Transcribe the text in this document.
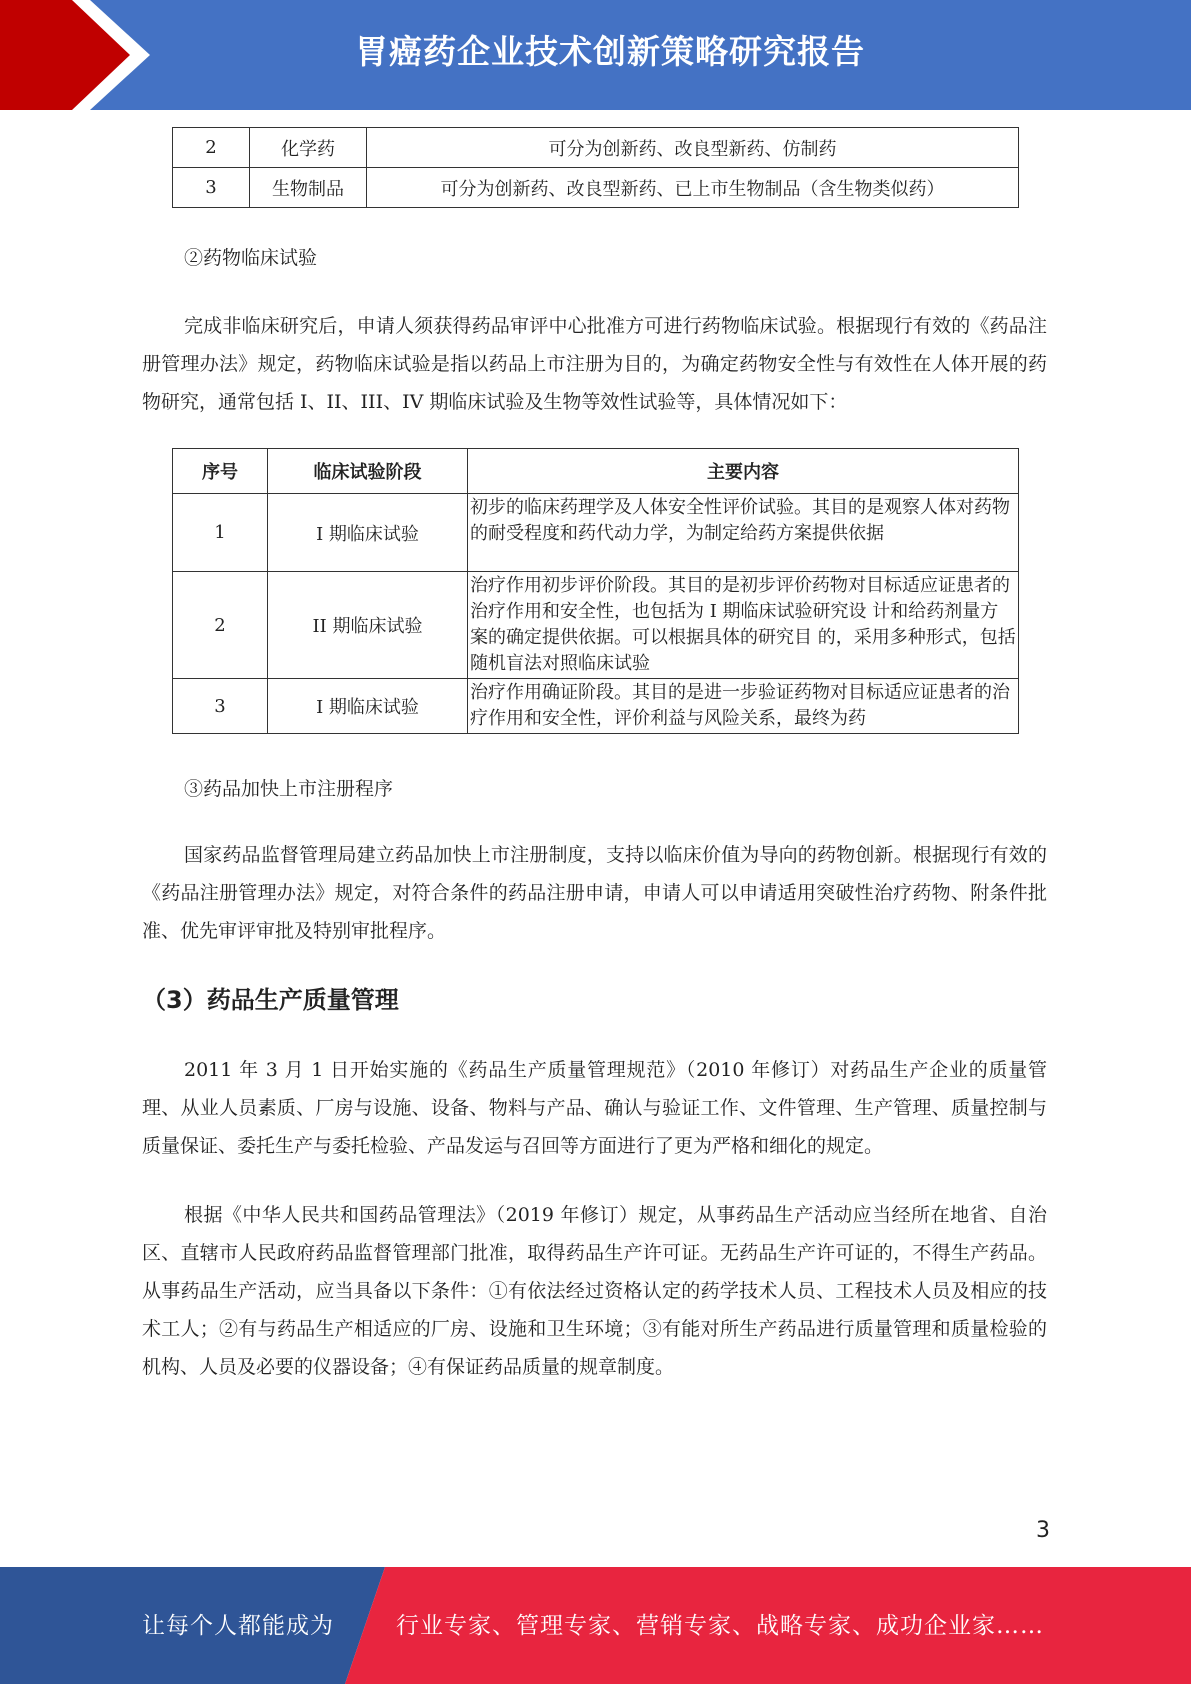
胃癌药企业技术创新策略研究报告
2	化学药	可分为创新药、改良型新药、仿制药
3	生物制品	可分为创新药、改良型新药、已上市生物制品（含生物类似药）
②药物临床试验

完成非临床研究后，申请人须获得药品审评中心批准方可进行药物临床试验。根据现行有效的《药品注册管理办法》规定，药物临床试验是指以药品上市注册为目的，为确定药物安全性与有效性在人体开展的药物研究，通常包括 I、II、III、IV 期临床试验及生物等效性试验等，具体情况如下：

序号	临床试验阶段	主要内容
1	I 期临床试验	初步的临床药理学及人体安全性评价试验。其目的是观察人体对药物的耐受程度和药代动力学，为制定给药方案提供依据
2	II 期临床试验	治疗作用初步评价阶段。其目的是初步评价药物对目标适应证患者的治疗作用和安全性，也包括为 I 期临床试验研究设 计和给药剂量方案的确定提供依据。可以根据具体的研究目 的，采用多种形式，包括随机盲法对照临床试验
3	I 期临床试验	治疗作用确证阶段。其目的是进一步验证药物对目标适应证患者的治疗作用和安全性，评价利益与风险关系，最终为药
③药品加快上市注册程序

国家药品监督管理局建立药品加快上市注册制度，支持以临床价值为导向的药物创新。根据现行有效的《药品注册管理办法》规定，对符合条件的药品注册申请，申请人可以申请适用突破性治疗药物、附条件批准、优先审评审批及特别审批程序。

（3）药品生产质量管理

2011 年 3 月 1 日开始实施的《药品生产质量管理规范》（2010 年修订）对药品生产企业的质量管理、从业人员素质、厂房与设施、设备、物料与产品、确认与验证工作、文件管理、生产管理、质量控制与质量保证、委托生产与委托检验、产品发运与召回等方面进行了更为严格和细化的规定。

根据《中华人民共和国药品管理法》（2019 年修订）规定，从事药品生产活动应当经所在地省、自治区、直辖市人民政府药品监督管理部门批准，取得药品生产许可证。无药品生产许可证的，不得生产药品。从事药品生产活动，应当具备以下条件：①有依法经过资格认定的药学技术人员、工程技术人员及相应的技术工人；②有与药品生产相适应的厂房、设施和卫生环境；③有能对所生产药品进行质量管理和质量检验的机构、人员及必要的仪器设备；④有保证药品质量的规章制度。

3
让每个人都能成为	行业专家、管理专家、营销专家、战略专家、成功企业家……
